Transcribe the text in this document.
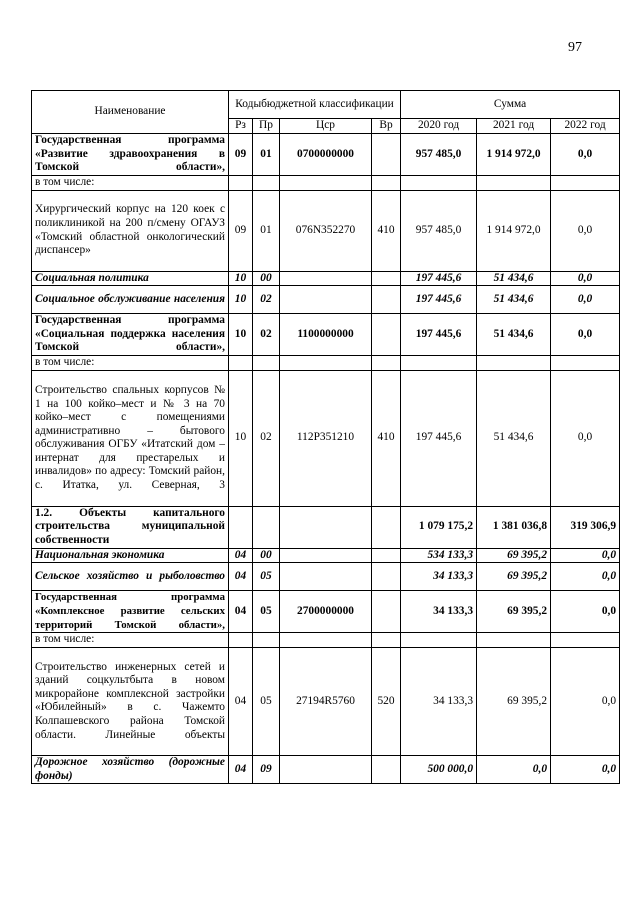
97
Наименование	Кодыбюджетной классификации				Сумма		
	Рз	Пр	Цср	Вр	2020 год	2021 год	2022 год
Государственная программа «Развитие здравоохранения в Томской области»,	09	01	0700000000		957 485,0	1 914 972,0	0,0
в том числе:							
Хирургический корпус на 120 коек с поликлиникой на 200 п/смену ОГАУЗ «Томский областной онкологический диспансер»	09	01	076N352270	410	957 485,0	1 914 972,0	0,0
Социальная политика	10	00			197 445,6	51 434,6	0,0
Социальное обслуживание населения	10	02			197 445,6	51 434,6	0,0
Государственная программа «Социальная поддержка населения Томской области»,	10	02	1100000000		197 445,6	51 434,6	0,0
в том числе:							
Строительство спальных корпусов № 1 на 100 койко–мест и № 3 на 70 койко–мест с помещениями административно – бытового обслуживания ОГБУ «Итатский дом – интернат для престарелых и инвалидов» по адресу: Томский район, с. Итатка, ул. Северная, 3	10	02	112P351210	410	197 445,6	51 434,6	0,0
1.2. Объекты капитального строительства муниципальной собственности					1 079 175,2	1 381 036,8	319 306,9
Национальная экономика	04	00			534 133,3	69 395,2	0,0
Сельское хозяйство и рыболовство	04	05			34 133,3	69 395,2	0,0
Государственная программа «Комплексное развитие сельских территорий Томской области»,	04	05	2700000000		34 133,3	69 395,2	0,0
в том числе:							
Строительство инженерных сетей и зданий соцкультбыта в новом микрорайоне комплексной застройки «Юбилейный» в с. Чажемто Колпашевского района Томской области. Линейные объекты	04	05	27194R5760	520	34 133,3	69 395,2	0,0
Дорожное хозяйство (дорожные фонды)	04	09			500 000,0	0,0	0,0
